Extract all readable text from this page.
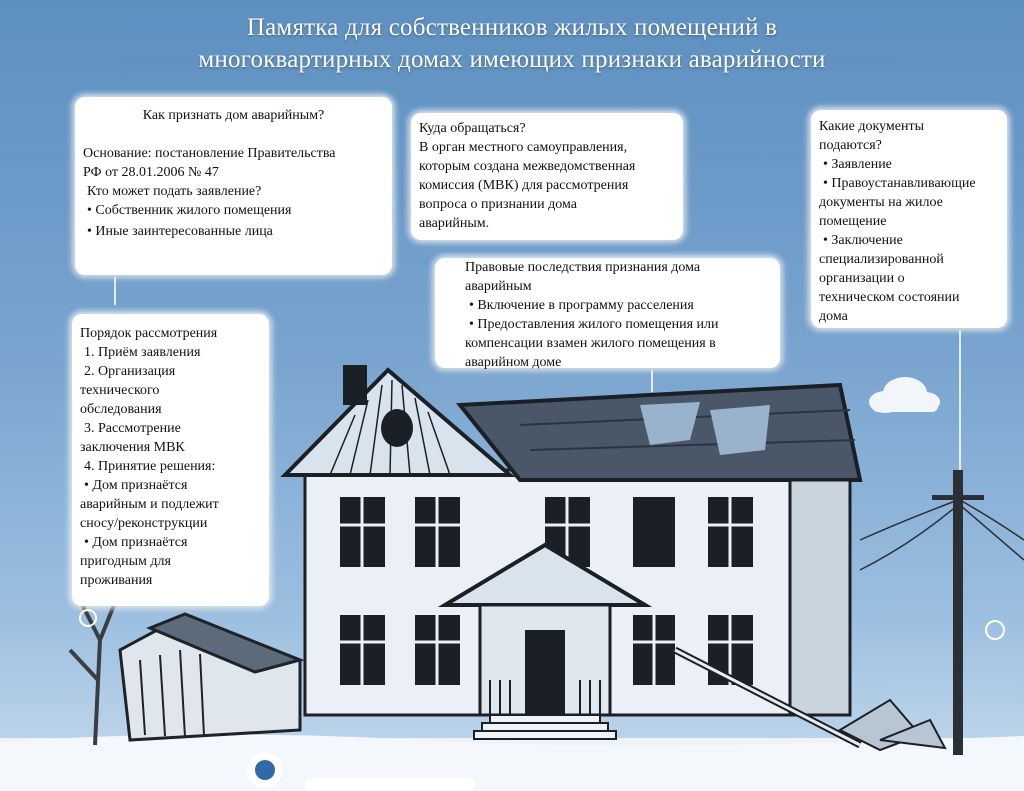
Памятка для собственников жилых помещений в
многоквартирных домах имеющих признаки аварийности
Как признать дом аварийным?
Основание: постановление Правительства
РФ от 28.01.2006 № 47
Кто может подать заявление?
• Собственник жилого помещения
• Иные заинтересованные лица
Куда обращаться?
В орган местного самоуправления,
которым создана межведомственная
комиссия (МВК) для рассмотрения
вопроса о признании дома
аварийным.
Какие документы
подаются?
• Заявление
• Правоустанавливающие
документы на жилое
помещение
• Заключение
специализированной
организации о
техническом состоянии
дома
Правовые последствия признания дома
аварийным
• Включение в программу расселения
• Предоставления жилого помещения или
компенсации взамен жилого помещения в
аварийном доме
Порядок рассмотрения
1. Приём заявления
2. Организация
технического
обследования
3. Рассмотрение
заключения МВК
4. Принятие решения:
• Дом признаётся
аварийным и подлежит
сносу/реконструкции
• Дом признаётся
пригодным для
проживания
